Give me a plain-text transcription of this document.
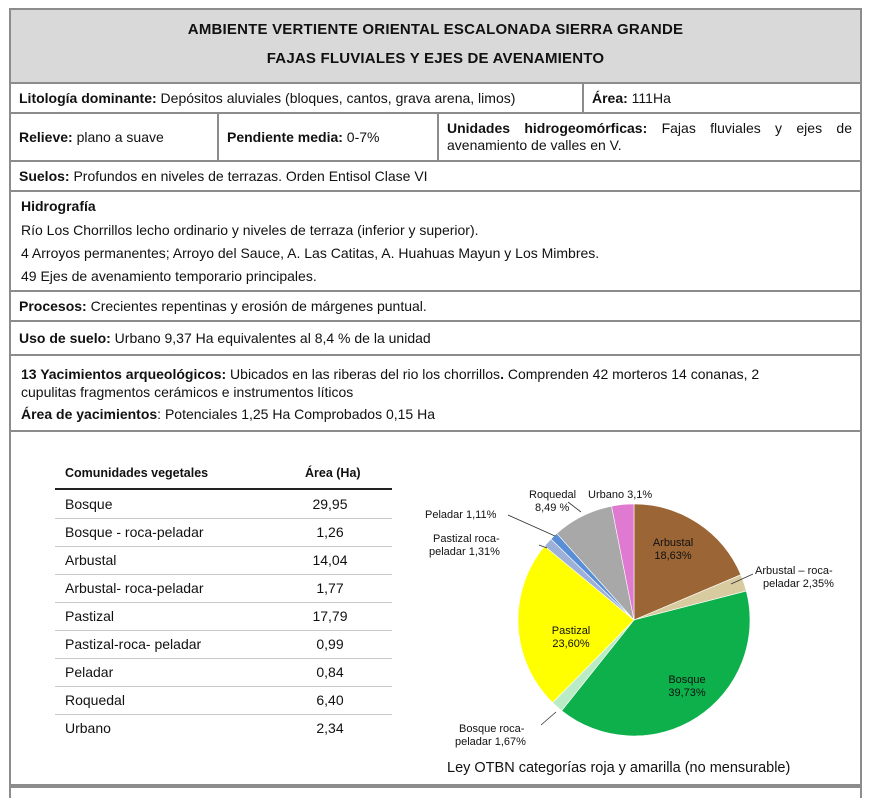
AMBIENTE VERTIENTE ORIENTAL ESCALONADA SIERRA GRANDE
FAJAS FLUVIALES Y EJES DE AVENAMIENTO
Litología dominante: Depósitos aluviales (bloques, cantos, grava arena, limos)	Área: 111Ha
Relieve: plano a suave	Pendiente media: 0-7%
Unidades hidrogeomórficas: Fajas fluviales y ejes de avenamiento de valles en V.
Suelos: Profundos en niveles de terrazas. Orden Entisol Clase VI
Hidrografía
Río Los Chorrillos lecho ordinario y niveles de terraza (inferior y superior).
4 Arroyos permanentes; Arroyo del Sauce, A. Las Catitas, A. Huahuas Mayun y Los Mimbres.
49 Ejes de avenamiento temporario principales.
Procesos: Crecientes repentinas y erosión de márgenes puntual.
Uso de suelo: Urbano 9,37 Ha equivalentes al 8,4 % de la unidad
13 Yacimientos arqueológicos: Ubicados en las riberas del rio los chorrillos. Comprenden 42 morteros 14 conanas, 2
cupulitas fragmentos cerámicos e instrumentos líticos
Área de yacimientos: Potenciales 1,25 Ha Comprobados 0,15 Ha
Comunidades vegetales	Área (Ha)
Bosque	29,95
Bosque - roca-peladar	1,26
Arbustal	14,04
Arbustal- roca-peladar	1,77
Pastizal	17,79
Pastizal-roca- peladar	0,99
Peladar	0,84
Roquedal	6,40
Urbano	2,34
Arbustal
18,63%
Arbustal – roca-
peladar 2,35%
Bosque
39,73%
Bosque roca-
peladar 1,67%
Pastizal
23,60%
Pastizal roca-
peladar 1,31%
Peladar 1,11%
Roquedal
8,49 %
Urbano 3,1%
Ley OTBN categorías roja y amarilla (no mensurable)
